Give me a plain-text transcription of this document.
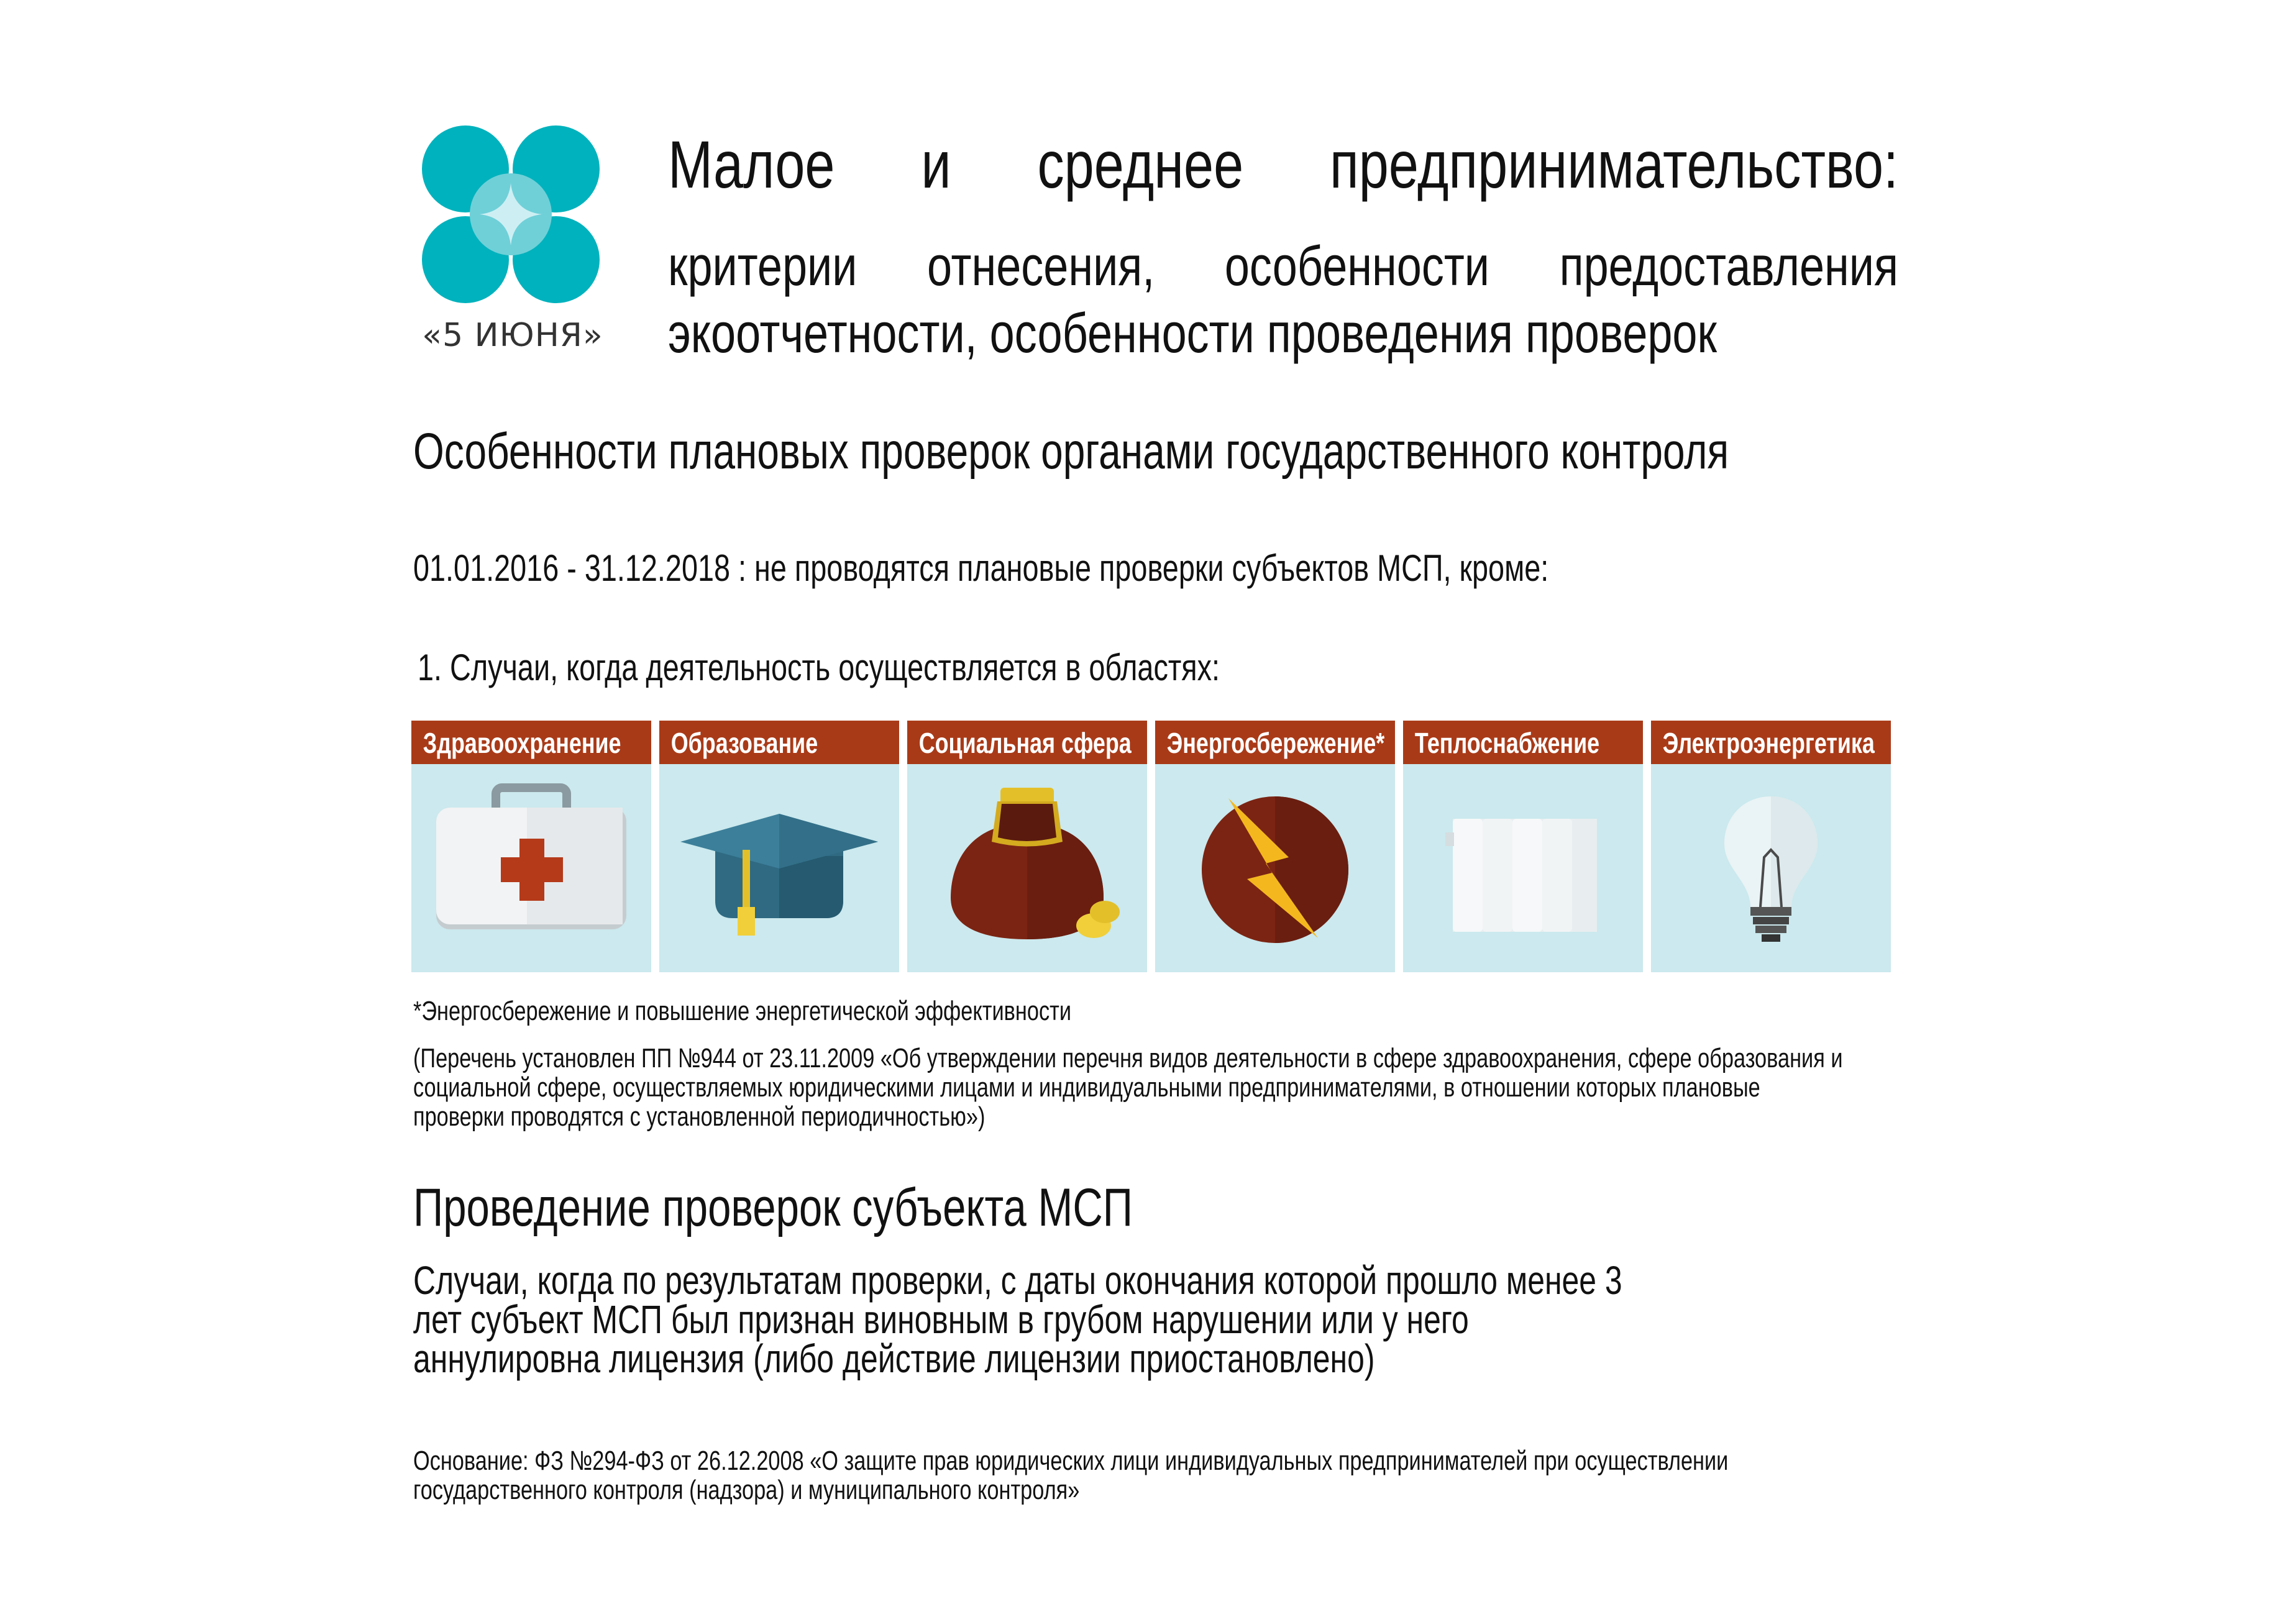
«5 ИЮНЯ»
Малое и среднее предпринимательство:
критерии отнесения, особенности предоставления
экоотчетности, особенности проведения проверок
Особенности плановых проверок органами государственного контроля
01.01.2016 - 31.12.2018 : не проводятся плановые проверки субъектов МСП, кроме:
1. Случаи, когда деятельность осуществляется в областях:
Здравоохранение	Образование	Социальная сфера	Энергосбережение*	Теплоснабжение	Электроэнергетика
*Энергосбережение и повышение энергетической эффективности
(Перечень установлен ПП №944 от 23.11.2009 «Об утверждении перечня видов деятельности в сфере здравоохранения, сфере образования и социальной сфере, осуществляемых юридическими лицами и индивидуальными предпринимателями, в отношении которых плановые проверки проводятся с установленной периодичностью»)
Проведение проверок субъекта МСП
Случаи, когда по результатам проверки, с даты окончания которой прошло менее 3 лет субъект МСП был признан виновным в грубом нарушении или у него аннулировна лицензия (либо действие лицензии приостановлено)
Основание: ФЗ №294-ФЗ от 26.12.2008 «О защите прав юридических лици индивидуальных предпринимателей при осуществлении государственного контроля (надзора) и муниципального контроля»
